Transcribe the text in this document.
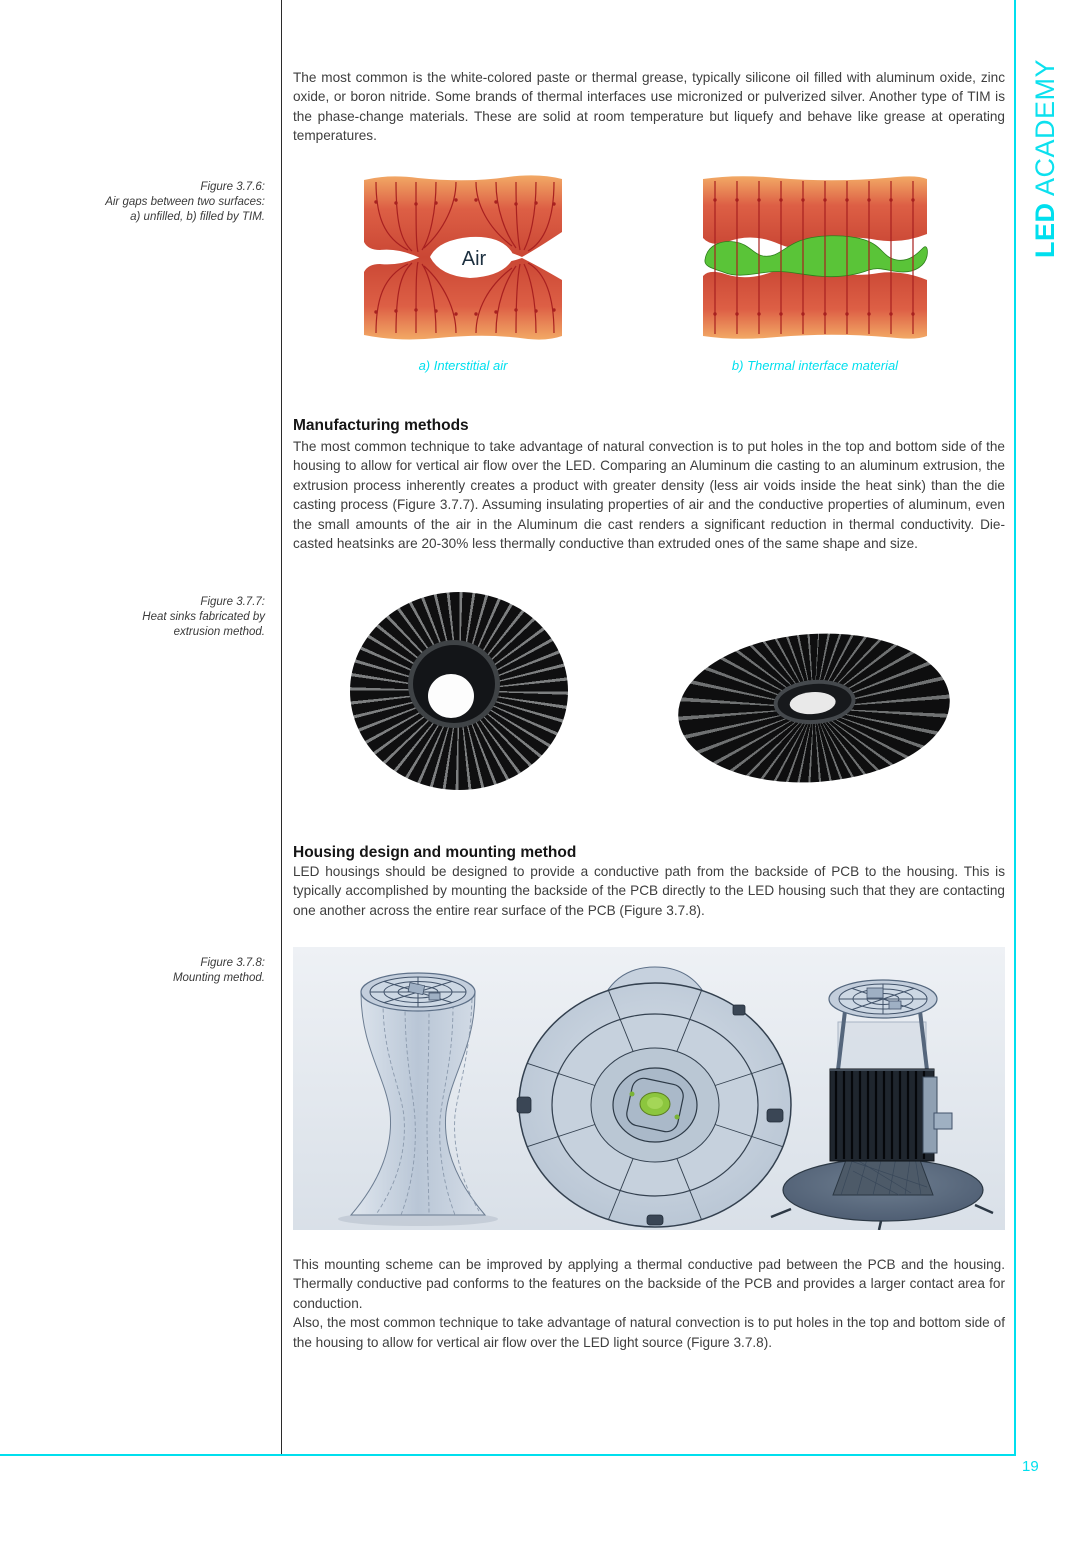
LED ACADEMY
19
Figure 3.7.6:
Air gaps between two surfaces: a) unfilled, b) filled by TIM.
Figure 3.7.7:
Heat sinks fabricated by extrusion method.
Figure 3.7.8:
Mounting method.

The most common is the white-colored paste or thermal grease, typically silicone oil filled with aluminum oxide, zinc oxide, or boron nitride. Some brands of thermal interfaces use micronized or pulverized silver. Another type of TIM is the phase-change materials. These are solid at room temperature but liquefy and behave like grease at operating temperatures.

Air
a) Interstitial air	b) Thermal interface material
Manufacturing methods

The most common technique to take advantage of natural convection is to put holes in the top and bottom side of the housing to allow for vertical air flow over the LED. Comparing an Aluminum die casting to an aluminum extrusion, the extrusion process inherently creates a product with greater density (less air voids inside the heat sink) than the die casting process (Figure 3.7.7). Assuming insulating properties of air and the conductive properties of aluminum, even the small amounts of the air in the Aluminum die cast renders a significant reduction in thermal conductivity. Die-casted heatsinks are 20-30% less thermally conductive than extruded ones of the same shape and size.

Housing design and mounting method

LED housings should be designed to provide a conductive path from the backside of PCB to the housing. This is typically accomplished by mounting the backside of the PCB directly to the LED housing such that they are contacting one another across the entire rear surface of the PCB (Figure 3.7.8).

This mounting scheme can be improved by applying a thermal conductive pad between the PCB and the housing. Thermally conductive pad conforms to the features on the backside of the PCB and provides a larger contact area for conduction.

Also, the most common technique to take advantage of natural convection is to put holes in the top and bottom side of the housing to allow for vertical air flow over the LED light source (Figure 3.7.8).
